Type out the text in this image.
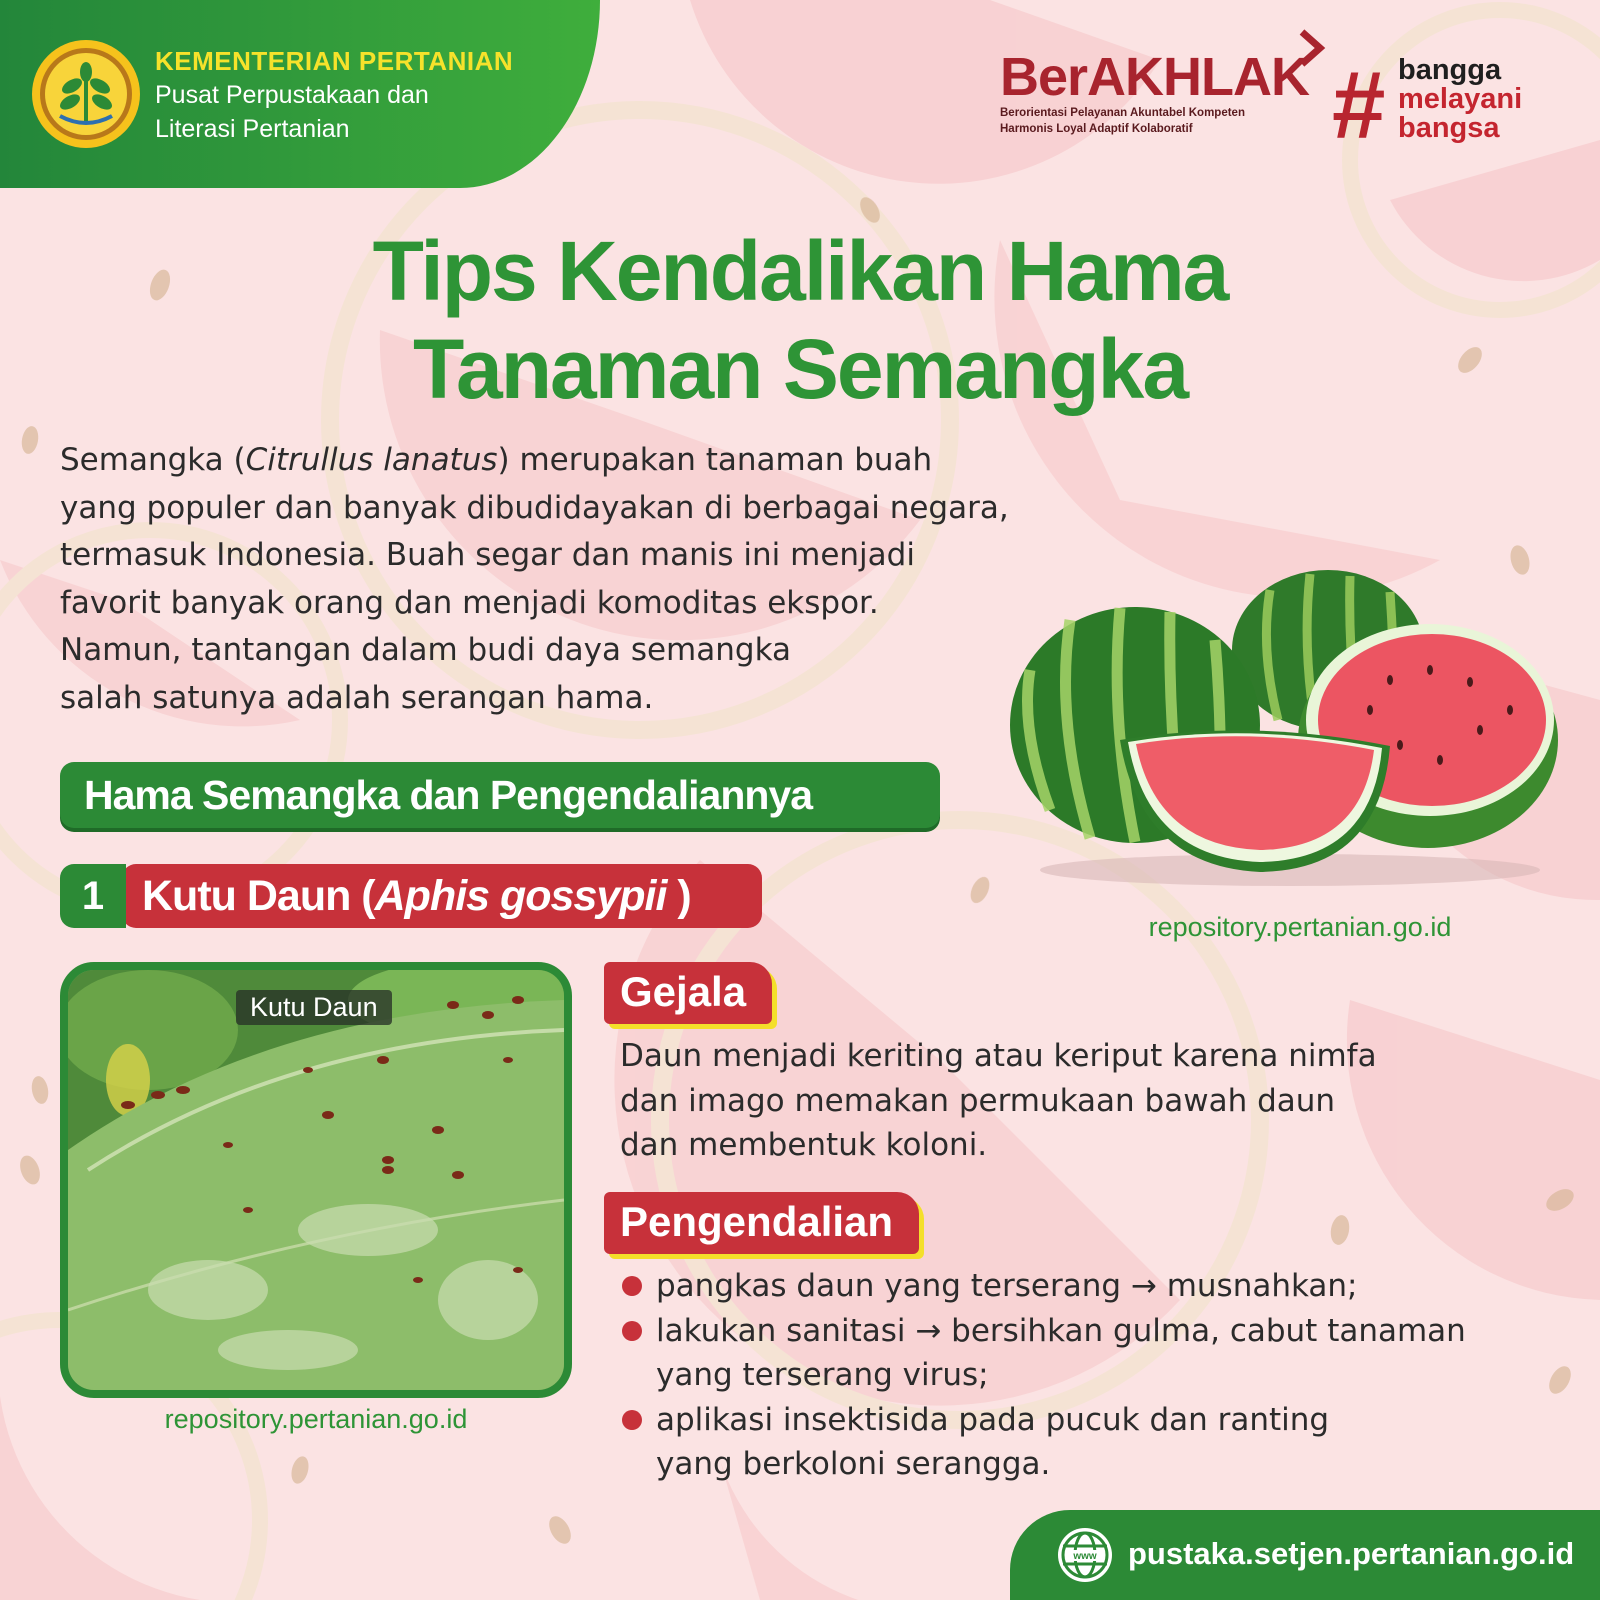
KEMENTERIAN PERTANIAN
Pusat Perpustakaan dan
Literasi Pertanian
BerAKHLAK
Berorientasi Pelayanan Akuntabel Kompeten
Harmonis Loyal Adaptif Kolaboratif	# bangga
melayani
bangsa
Tips Kendalikan Hama
Tanaman Semangka
Semangka (Citrullus lanatus) merupakan tanaman buah
yang populer dan banyak dibudidayakan di berbagai negara,
termasuk Indonesia. Buah segar dan manis ini menjadi
favorit banyak orang dan menjadi komoditas ekspor.
Namun, tantangan dalam budi daya semangka
salah satunya adalah serangan hama.
repository.pertanian.go.id
Hama Semangka dan Pengendaliannya
Kutu Daun (Aphis gossypii )
1
Kutu Daun
repository.pertanian.go.id
Gejala
Daun menjadi keriting atau keriput karena nimfa
dan imago memakan permukaan bawah daun
dan membentuk koloni.
Pengendalian
pangkas daun yang terserang → musnahkan;
lakukan sanitasi → bersihkan gulma, cabut tanaman
yang terserang virus;
aplikasi insektisida pada pucuk dan ranting
yang berkoloni serangga.
www pustaka.setjen.pertanian.go.id
